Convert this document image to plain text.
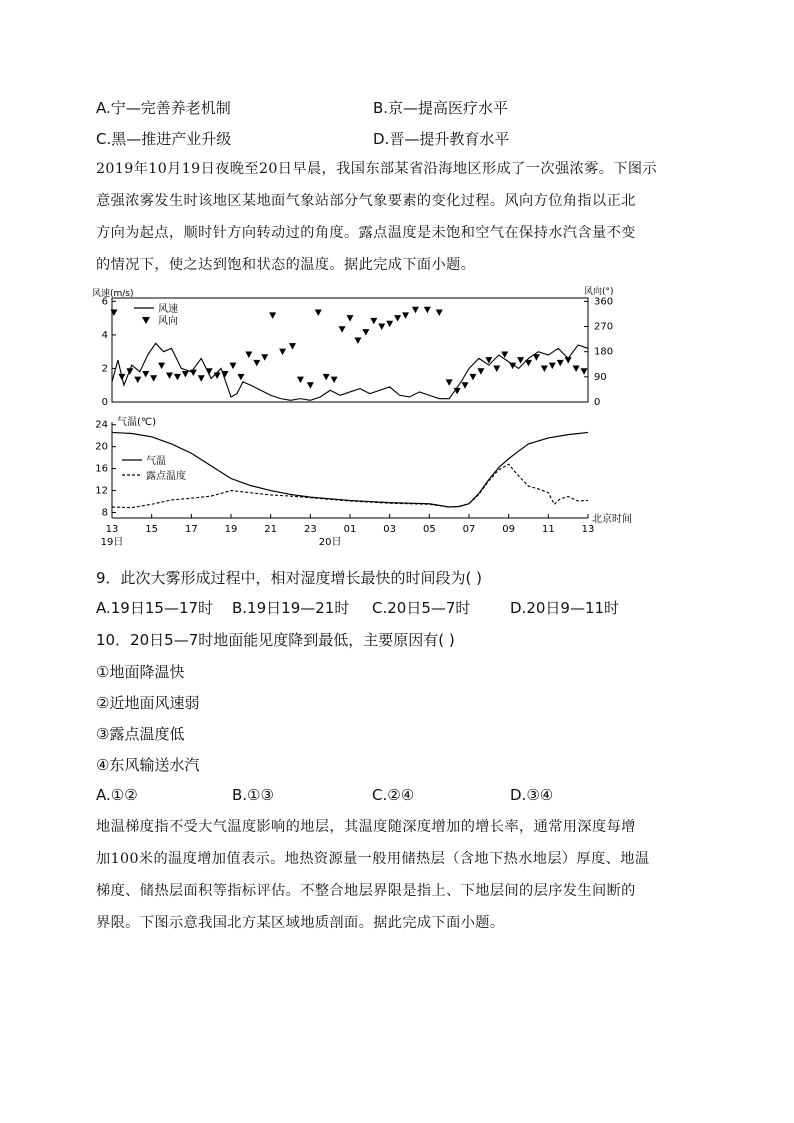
A.宁—完善养老机制	B.京—提高医疗水平
C.黑—推进产业升级	D.晋—提升教育水平
2019年10月19日夜晚至20日早晨，我国东部某省沿海地区形成了一次强浓雾。下图示
意强浓雾发生时该地区某地面气象站部分气象要素的变化过程。风向方位角指以正北
方向为起点，顺时针方向转动过的角度。露点温度是未饱和空气在保持水汽含量不变
的情况下，使之达到饱和状态的温度。据此完成下面小题。
风速(m/s)	风向(°)
0
2
4
6
0
90
180
270
360
风速
风向
气温(℃)
8
12
16
20
24
13	15	17	19	21	23	01	03	05	07	09	11	13
19日	20日
北京时间
气温
露点温度
9．此次大雾形成过程中，相对湿度增长最快的时间段为( )
A.19日15—17时 B.19日19—21时 C.20日5—7时	D.20日9—11时
10．20日5—7时地面能见度降到最低，主要原因有( )
①地面降温快
②近地面风速弱
③露点温度低
④东风输送水汽
A.①②	B.①③	C.②④	D.③④
地温梯度指不受大气温度影响的地层，其温度随深度增加的增长率，通常用深度每增
加100米的温度增加值表示。地热资源量一般用储热层（含地下热水地层）厚度、地温
梯度、储热层面积等指标评估。不整合地层界限是指上、下地层间的层序发生间断的
界限。下图示意我国北方某区域地质剖面。据此完成下面小题。
